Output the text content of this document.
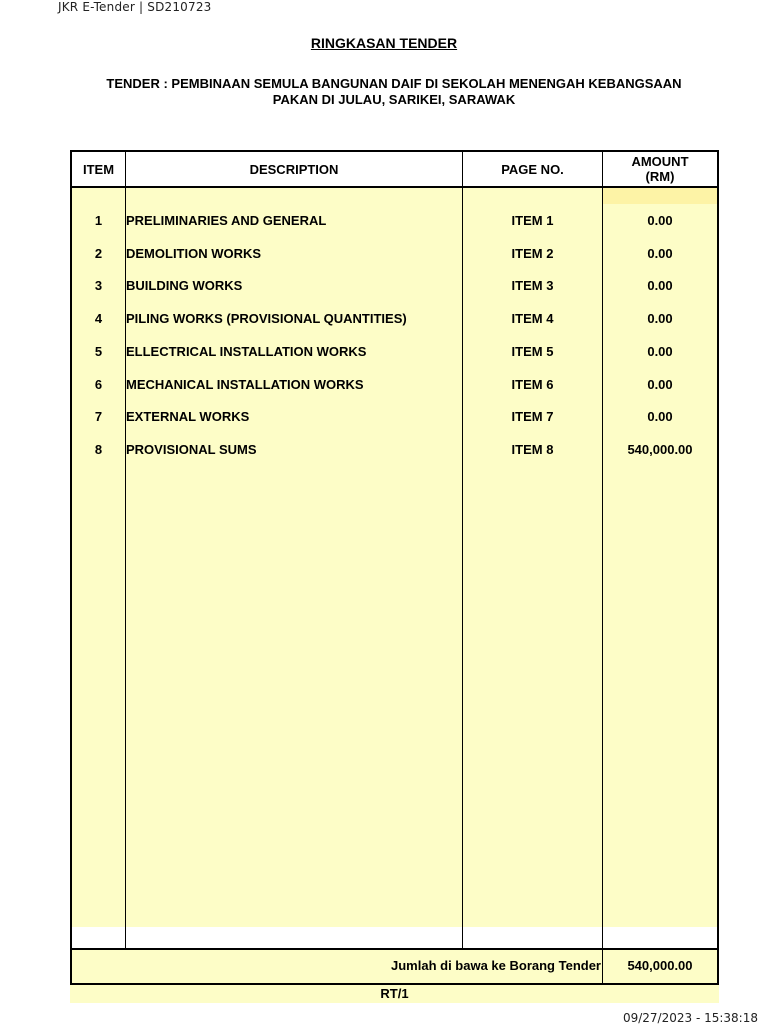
JKR E-Tender | SD210723
RINGKASAN TENDER
TENDER : PEMBINAAN SEMULA BANGUNAN DAIF DI SEKOLAH MENENGAH KEBANGSAAN
PAKAN DI JULAU, SARIKEI, SARAWAK
ITEM	DESCRIPTION	PAGE NO.	AMOUNT
(RM)
1	PRELIMINARIES AND GENERAL	ITEM 1	0.00
2	DEMOLITION WORKS	ITEM 2	0.00
3	BUILDING WORKS	ITEM 3	0.00
4	PILING WORKS (PROVISIONAL QUANTITIES)	ITEM 4	0.00
5	ELLECTRICAL INSTALLATION WORKS	ITEM 5	0.00
6	MECHANICAL INSTALLATION WORKS	ITEM 6	0.00
7	EXTERNAL WORKS	ITEM 7	0.00
8	PROVISIONAL SUMS	ITEM 8	540,000.00
Jumlah di bawa ke Borang Tender	540,000.00
RT/1
09/27/2023 - 15:38:18
